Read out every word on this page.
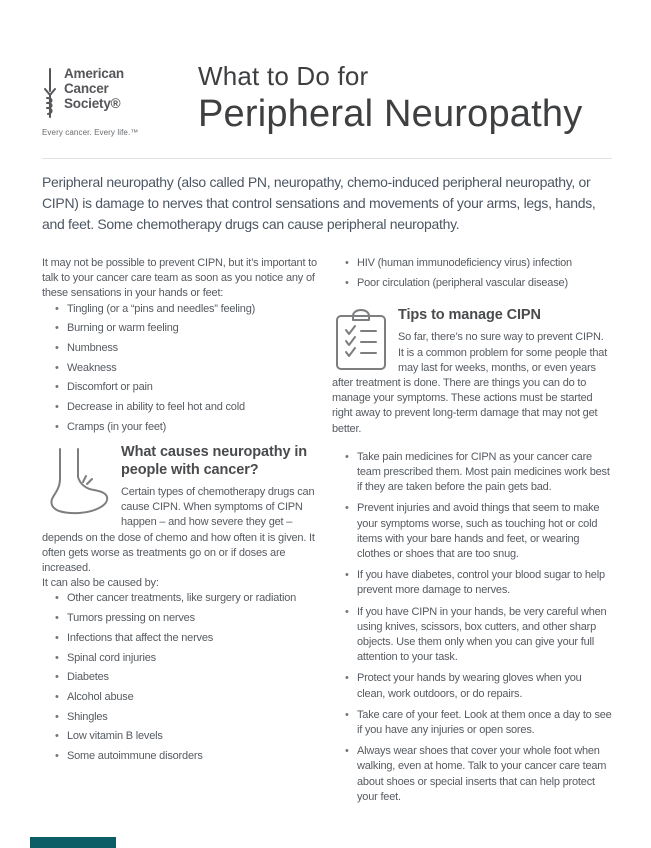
American
Cancer
Society®
Every cancer. Every life.™
What to Do for
Peripheral Neuropathy

Peripheral neuropathy (also called PN, neuropathy, chemo-induced peripheral neuropathy, or CIPN) is damage to nerves that control sensations and movements of your arms, legs, hands, and feet. Some chemotherapy drugs can cause peripheral neuropathy.

It may not be possible to prevent CIPN, but it’s important to talk to your cancer care team as soon as you notice any of these sensations in your hands or feet:

• Tingling (or a “pins and needles” feeling)
• Burning or warm feeling
• Numbness
• Weakness
• Discomfort or pain
• Decrease in ability to feel hot and cold
• Cramps (in your feet)
What causes neuropathy in people with cancer?

Certain types of chemotherapy drugs can cause CIPN. When symptoms of CIPN happen – and how severe they get – depends on the dose of chemo and how often it is given. It often gets worse as treatments go on or if doses are increased.

It can also be caused by:

• Other cancer treatments, like surgery or radiation
• Tumors pressing on nerves
• Infections that affect the nerves
• Spinal cord injuries
• Diabetes
• Alcohol abuse
• Shingles
• Low vitamin B levels
• Some autoimmune disorders
• HIV (human immunodeficiency virus) infection
• Poor circulation (peripheral vascular disease)
Tips to manage CIPN

So far, there’s no sure way to prevent CIPN. It is a common problem for some people that may last for weeks, months, or even years after treatment is done. There are things you can do to manage your symptoms. These actions must be started right away to prevent long-term damage that may not get better.

• Take pain medicines for CIPN as your cancer care team prescribed them. Most pain medicines work best if they are taken before the pain gets bad.
• Prevent injuries and avoid things that seem to make your symptoms worse, such as touching hot or cold items with your bare hands and feet, or wearing clothes or shoes that are too snug.
• If you have diabetes, control your blood sugar to help prevent more damage to nerves.
• If you have CIPN in your hands, be very careful when using knives, scissors, box cutters, and other sharp objects. Use them only when you can give your full attention to your task.
• Protect your hands by wearing gloves when you clean, work outdoors, or do repairs.
• Take care of your feet. Look at them once a day to see if you have any injuries or open sores.
• Always wear shoes that cover your whole foot when walking, even at home. Talk to your cancer care team about shoes or special inserts that can help protect your feet.
